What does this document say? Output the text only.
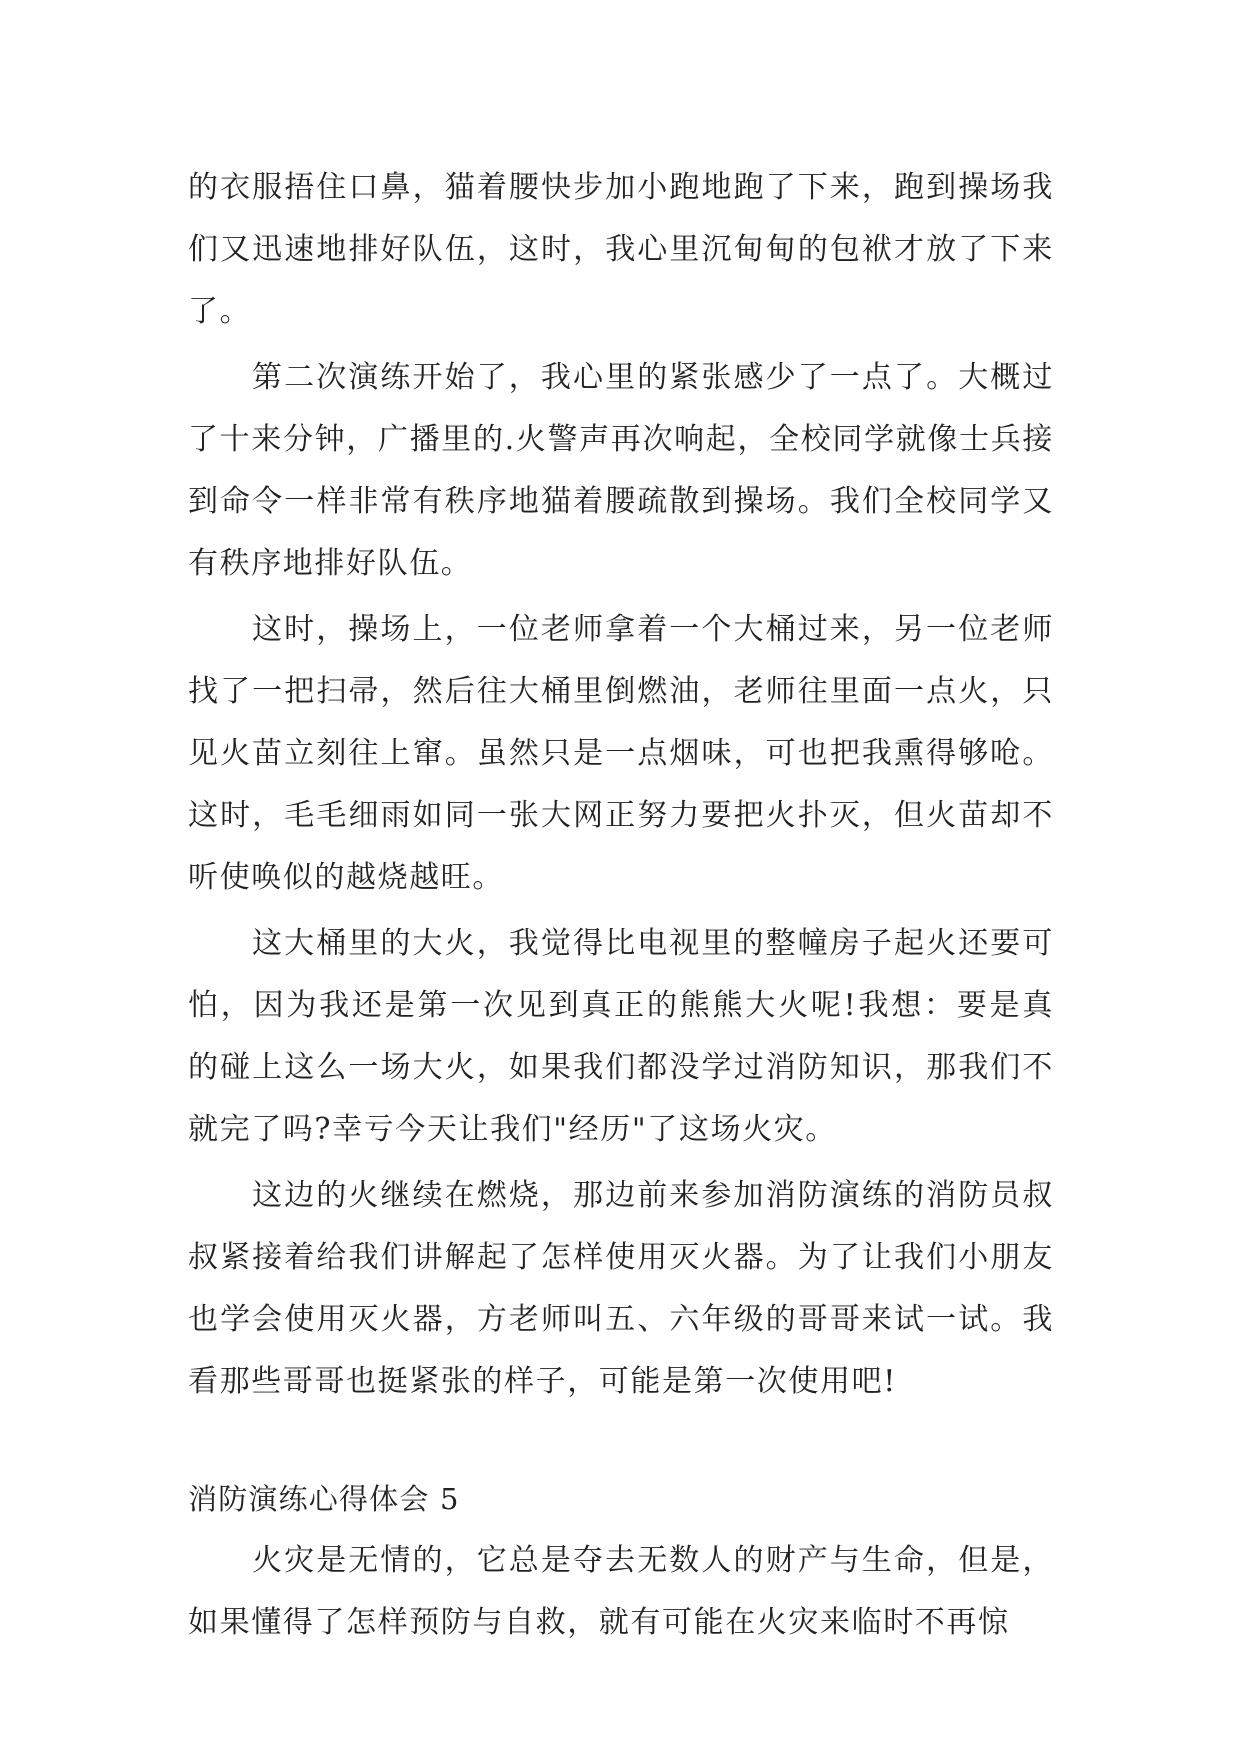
的衣服捂住口鼻，猫着腰快步加小跑地跑了下来，跑到操场我们又迅速地排好队伍，这时，我心里沉甸甸的包袱才放了下来了。

第二次演练开始了，我心里的紧张感少了一点了。大概过了十来分钟，广播里的.火警声再次响起，全校同学就像士兵接到命令一样非常有秩序地猫着腰疏散到操场。我们全校同学又有秩序地排好队伍。

这时，操场上，一位老师拿着一个大桶过来，另一位老师找了一把扫帚，然后往大桶里倒燃油，老师往里面一点火，只见火苗立刻往上窜。虽然只是一点烟味，可也把我熏得够呛。这时，毛毛细雨如同一张大网正努力要把火扑灭，但火苗却不听使唤似的越烧越旺。

这大桶里的大火，我觉得比电视里的整幢房子起火还要可怕，因为我还是第一次见到真正的熊熊大火呢!我想：要是真的碰上这么一场大火，如果我们都没学过消防知识，那我们不就完了吗?幸亏今天让我们"经历"了这场火灾。

这边的火继续在燃烧，那边前来参加消防演练的消防员叔叔紧接着给我们讲解起了怎样使用灭火器。为了让我们小朋友也学会使用灭火器，方老师叫五、六年级的哥哥来试一试。我看那些哥哥也挺紧张的样子，可能是第一次使用吧!

消防演练心得体会 5

火灾是无情的，它总是夺去无数人的财产与生命，但是，如果懂得了怎样预防与自救，就有可能在火灾来临时不再惊
